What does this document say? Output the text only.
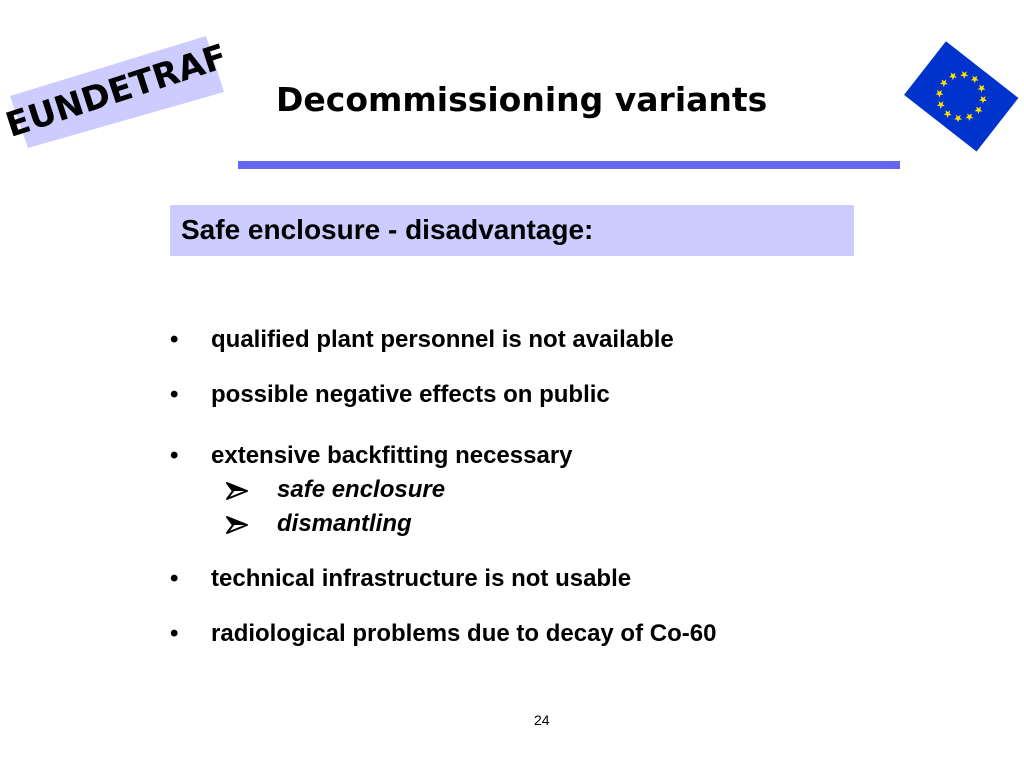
EUNDETRAF Decommissioning variants
Safe enclosure - disadvantage:
• qualified plant personnel is not available
• possible negative effects on public
• extensive backfitting necessary
safe enclosure
dismantling
• technical infrastructure is not usable
• radiological problems due to decay of Co-60
24
